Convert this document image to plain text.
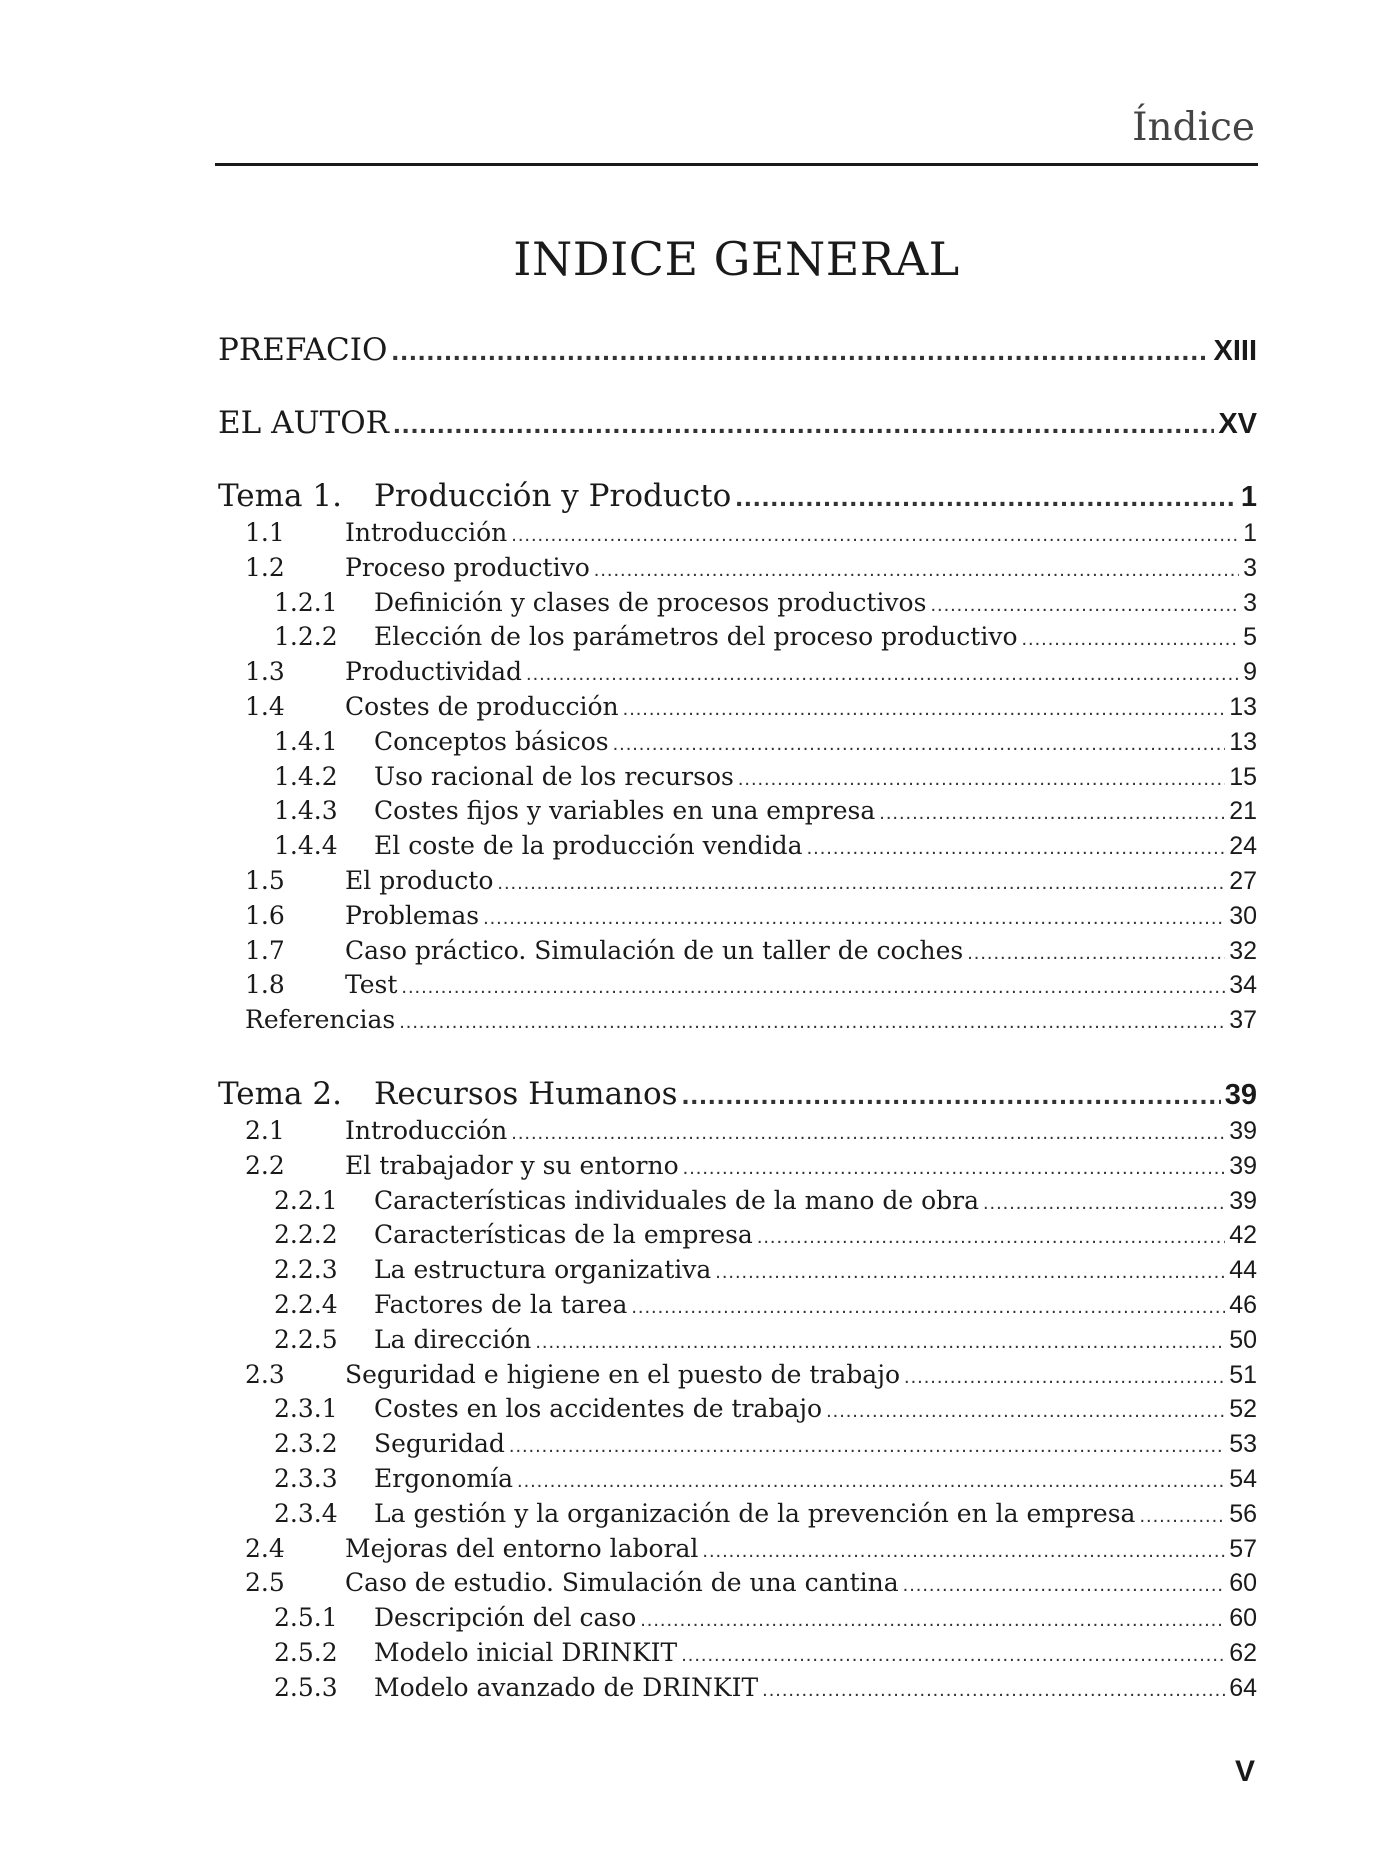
Índice
INDICE GENERAL
PREFACIO .....	XIII
EL AUTOR .....	XV
Tema 1.	Producción y Producto .....	1
1.1	Introducción .....	1
1.2	Proceso productivo .....	3
1.2.1	Definición y clases de procesos productivos .....	3
1.2.2	Elección de los parámetros del proceso productivo .....	5
1.3	Productividad .....	9
1.4	Costes de producción .....	13
1.4.1	Conceptos básicos .....	13
1.4.2	Uso racional de los recursos .....	15
1.4.3	Costes fijos y variables en una empresa .....	21
1.4.4	El coste de la producción vendida .....	24
1.5	El producto .....	27
1.6	Problemas .....	30
1.7	Caso práctico. Simulación de un taller de coches .....	32
1.8	Test .....	34
Referencias .....	37
Tema 2.	Recursos Humanos .....	39
2.1	Introducción .....	39
2.2	El trabajador y su entorno .....	39
2.2.1	Características individuales de la mano de obra .....	39
2.2.2	Características de la empresa .....	42
2.2.3	La estructura organizativa .....	44
2.2.4	Factores de la tarea .....	46
2.2.5	La dirección .....	50
2.3	Seguridad e higiene en el puesto de trabajo .....	51
2.3.1	Costes en los accidentes de trabajo .....	52
2.3.2	Seguridad .....	53
2.3.3	Ergonomía .....	54
2.3.4	La gestión y la organización de la prevención en la empresa .....	56
2.4	Mejoras del entorno laboral .....	57
2.5	Caso de estudio. Simulación de una cantina .....	60
2.5.1	Descripción del caso .....	60
2.5.2	Modelo inicial DRINKIT .....	62
2.5.3	Modelo avanzado de DRINKIT .....	64
V
